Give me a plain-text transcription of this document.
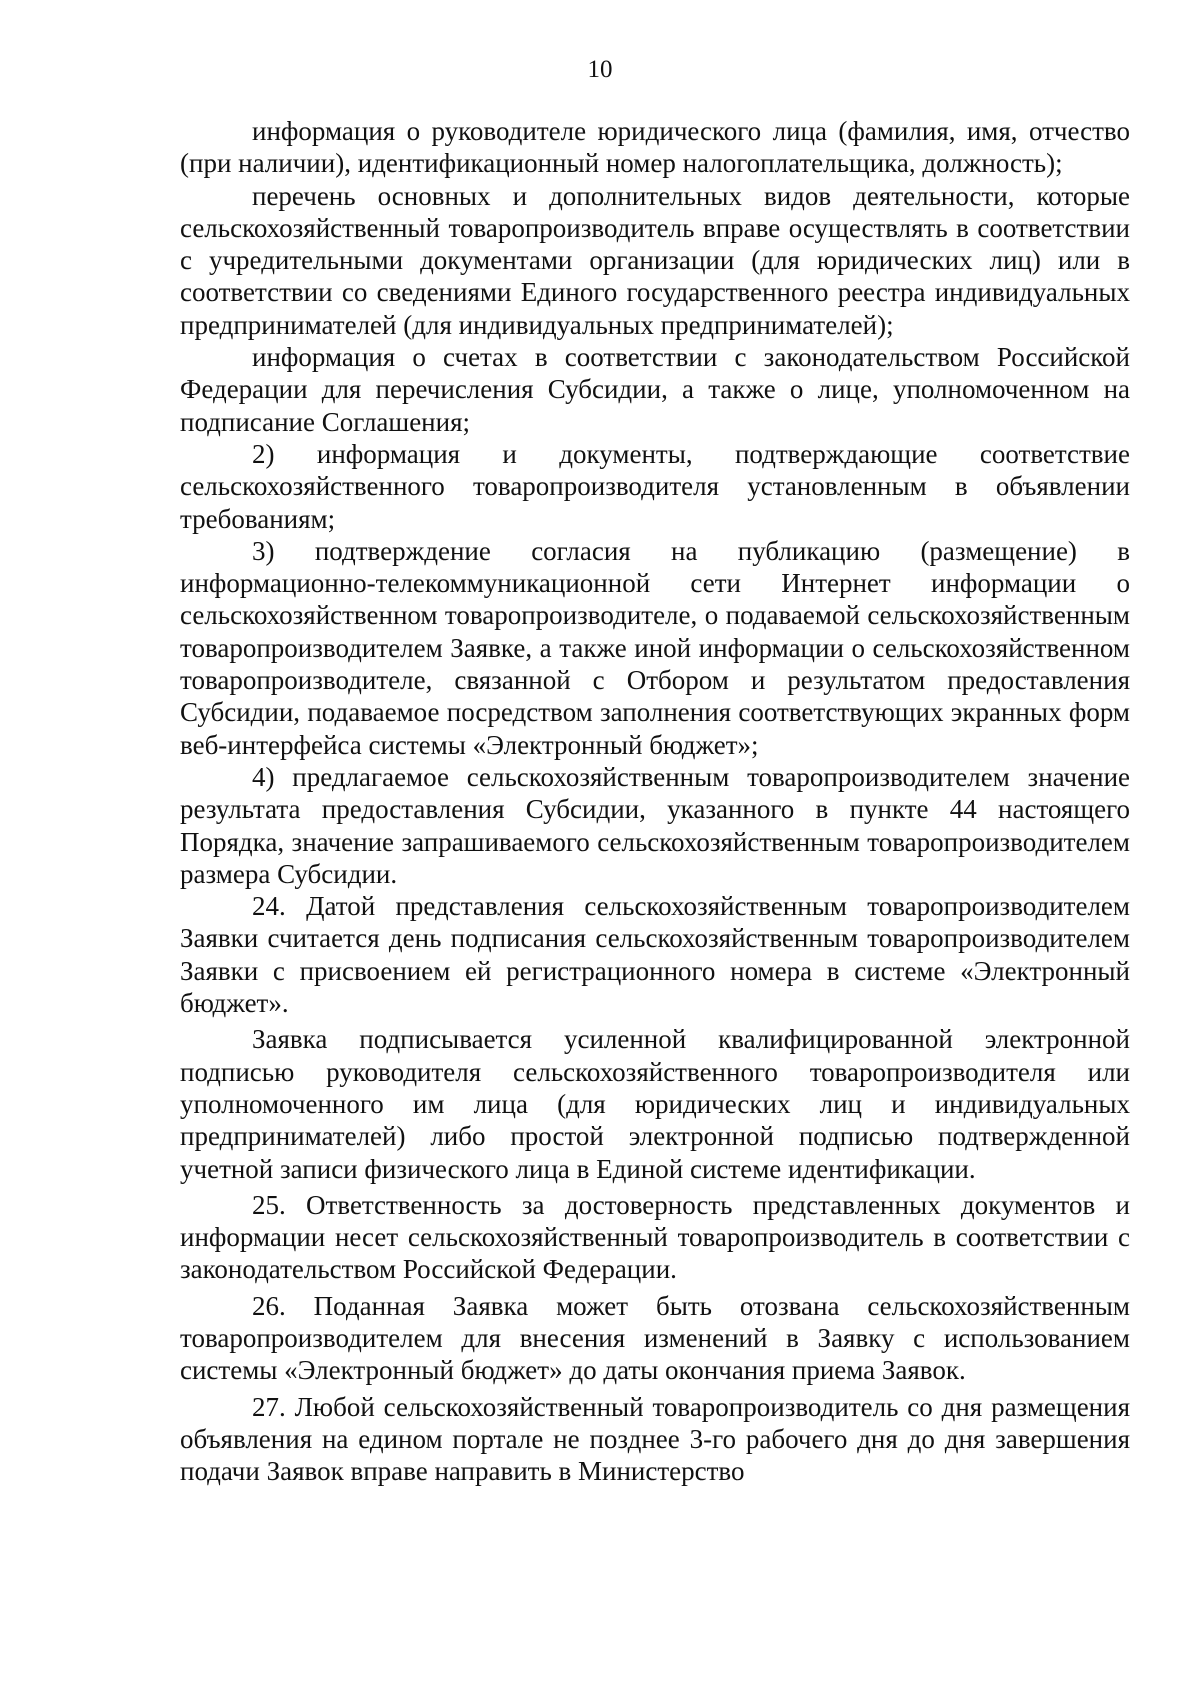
10

информация о руководителе юридического лица (фамилия, имя, отчество (при наличии), идентификационный номер налогоплательщика, должность);

перечень основных и дополнительных видов деятельности, которые сельскохозяйственный товаропроизводитель вправе осуществлять в соответствии с учредительными документами организации (для юридических лиц) или в соответствии со сведениями Единого государственного реестра индивидуальных предпринимателей (для индивидуальных предпринимателей);

информация о счетах в соответствии с законодательством Российской Федерации для перечисления Субсидии, а также о лице, уполномоченном на подписание Соглашения;

2) информация и документы, подтверждающие соответствие сельскохозяйственного товаропроизводителя установленным в объявлении требованиям;

3) подтверждение согласия на публикацию (размещение) в информационно-телекоммуникационной сети Интернет информации о сельскохозяйственном товаропроизводителе, о подаваемой сельскохозяйственным товаропроизводителем Заявке, а также иной информации о сельскохозяйственном товаропроизводителе, связанной с Отбором и результатом предоставления Субсидии, подаваемое посредством заполнения соответствующих экранных форм веб-интерфейса системы «Электронный бюджет»;

4) предлагаемое сельскохозяйственным товаропроизводителем значение результата предоставления Субсидии, указанного в пункте 44 настоящего Порядка, значение запрашиваемого сельскохозяйственным товаропроизводителем размера Субсидии.

24. Датой представления сельскохозяйственным товаропроизводителем Заявки считается день подписания сельскохозяйственным товаропроизводителем Заявки с присвоением ей регистрационного номера в системе «Электронный бюджет».

Заявка подписывается усиленной квалифицированной электронной подписью руководителя сельскохозяйственного товаропроизводителя или уполномоченного им лица (для юридических лиц и индивидуальных предпринимателей) либо простой электронной подписью подтвержденной учетной записи физического лица в Единой системе идентификации.

25. Ответственность за достоверность представленных документов и информации несет сельскохозяйственный товаропроизводитель в соответствии с законодательством Российской Федерации.

26. Поданная Заявка может быть отозвана сельскохозяйственным товаропроизводителем для внесения изменений в Заявку с использованием системы «Электронный бюджет» до даты окончания приема Заявок.

27. Любой сельскохозяйственный товаропроизводитель со дня размещения объявления на едином портале не позднее 3-го рабочего дня до дня завершения подачи Заявок вправе направить в Министерство
